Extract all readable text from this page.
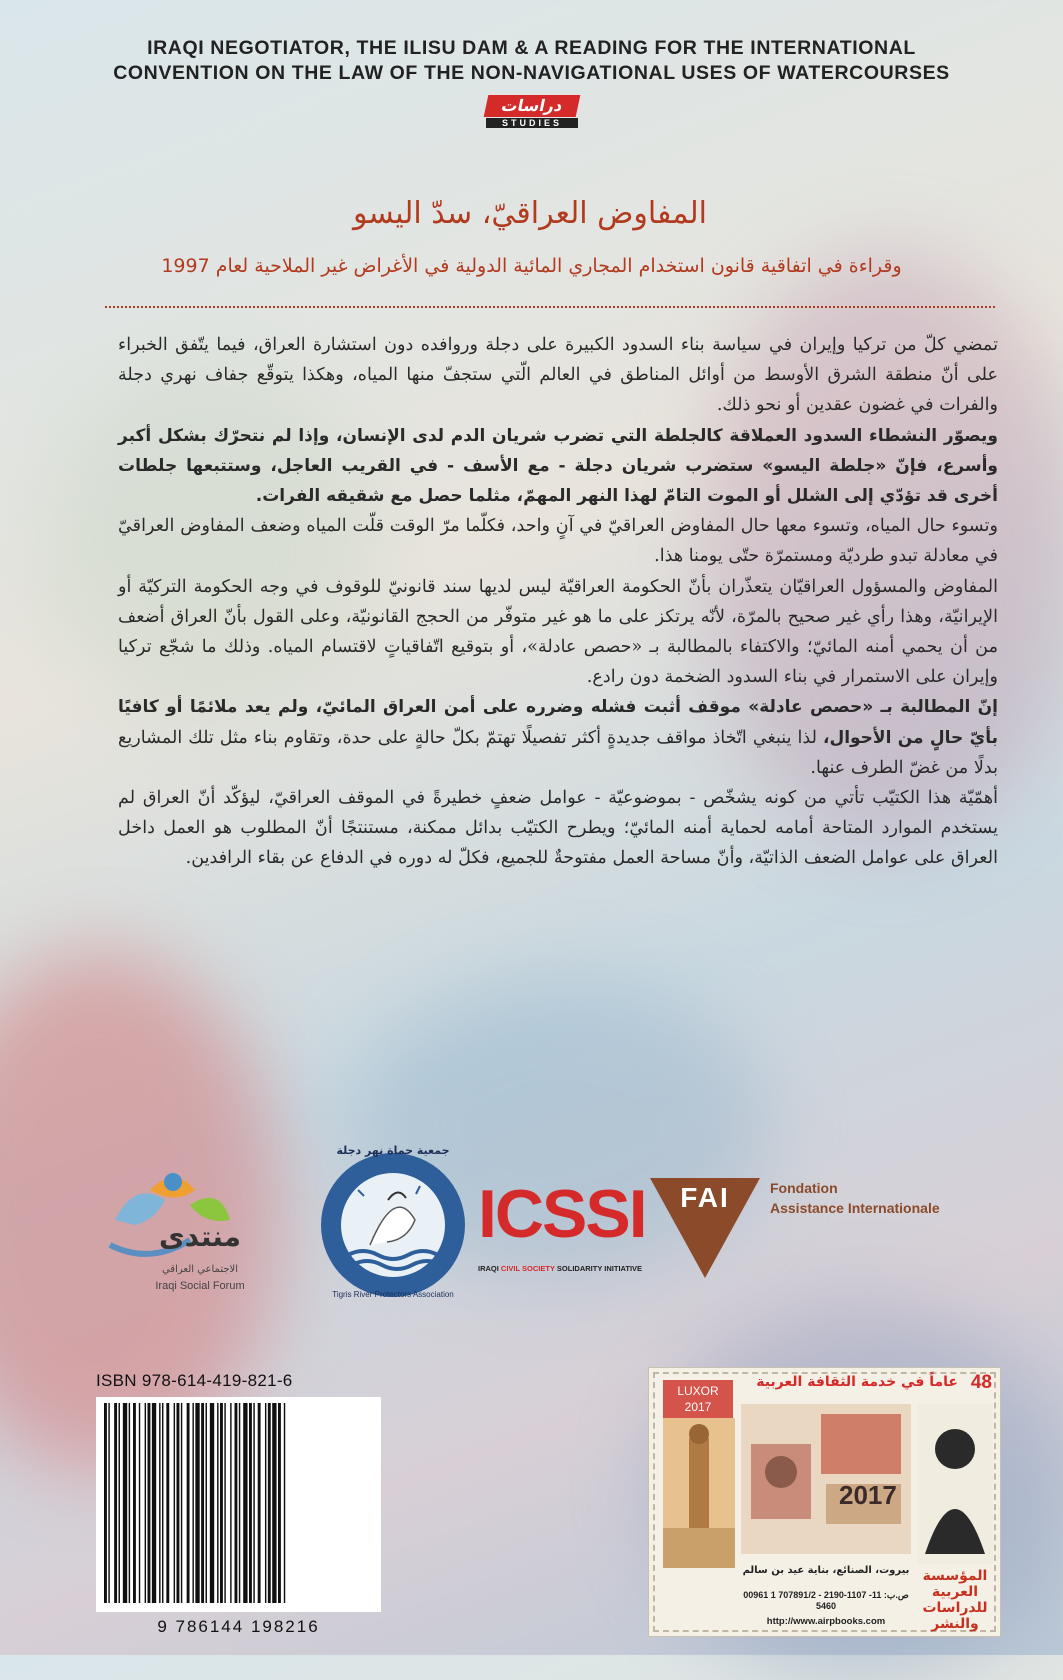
IRAQI NEGOTIATOR, THE ILISU DAM & A READING FOR THE INTERNATIONAL
CONVENTION ON THE LAW OF THE NON-NAVIGATIONAL USES OF WATERCOURSES
دراسات
STUDIES
المفاوض العراقيّ، سدّ اليسو
وقراءة في اتفاقية قانون استخدام المجاري المائية الدولية في الأغراض غير الملاحية لعام 1997

تمضي كلّ من تركيا وإيران في سياسة بناء السدود الكبيرة على دجلة وروافده دون استشارة العراق، فيما يتّفق الخبراء على أنّ منطقة الشرق الأوسط من أوائل المناطق في العالم الّتي ستجفّ منها المياه، وهكذا يتوقّع جفاف نهري دجلة والفرات في غضون عقدين أو نحو ذلك.

ويصوّر النشطاء السدود العملاقة كالجلطة التي تضرب شريان الدم لدى الإنسان، وإذا لم نتحرّك بشكل أكبر وأسرع، فإنّ «جلطة اليسو» ستضرب شريان دجلة - مع الأسف - في القريب العاجل، وستتبعها جلطات أخرى قد تؤدّي إلى الشلل أو الموت التامّ لهذا النهر المهمّ، مثلما حصل مع شقيقه الفرات.

وتسوء حال المياه، وتسوء معها حال المفاوض العراقيّ في آنٍ واحد، فكلّما مرّ الوقت قلّت المياه وضعف المفاوض العراقيّ في معادلة تبدو طرديّة ومستمرّة حتّى يومنا هذا.

المفاوض والمسؤول العراقيّان يتعذّران بأنّ الحكومة العراقيّة ليس لديها سند قانونيّ للوقوف في وجه الحكومة التركيّة أو الإيرانيّة، وهذا رأي غير صحيح بالمرّة، لأنّه يرتكز على ما هو غير متوفّر من الحجج القانونيّة، وعلى القول بأنّ العراق أضعف من أن يحمي أمنه المائيّ؛ والاكتفاء بالمطالبة بـ «حصص عادلة»، أو بتوقيع اتّفاقياتٍ لاقتسام المياه. وذلك ما شجّع تركيا وإيران على الاستمرار في بناء السدود الضخمة دون رادع.

إنّ المطالبة بـ «حصص عادلة» موقف أثبت فشله وضرره على أمن العراق المائيّ، ولم يعد ملائمًا أو كافيًا بأيّ حالٍ من الأحوال، لذا ينبغي اتّخاذ مواقف جديدةٍ أكثر تفصيلًا تهتمّ بكلّ حالةٍ على حدة، وتقاوم بناء مثل تلك المشاريع بدلًا من غضّ الطرف عنها.

أهمّيّة هذا الكتيّب تأتي من كونه يشخّص - بموضوعيّة - عوامل ضعفٍ خطيرةً في الموقف العراقيّ، ليؤكّد أنّ العراق لم يستخدم الموارد المتاحة أمامه لحماية أمنه المائيّ؛ ويطرح الكتيّب بدائل ممكنة، مستنتجًا أنّ المطلوب هو العمل داخل العراق على عوامل الضعف الذاتيّة، وأنّ مساحة العمل مفتوحةٌ للجميع، فكلّ له دوره في الدفاع عن بقاء الرافدين.

منتدى
الاجتماعي العراقي
Iraqi Social Forum
جمعية حماة نهر دجلة
Tigris River Protectors Association
ICSSI
IRAQI CIVIL SOCIETY SOLIDARITY INITIATIVE
FAI	Fondation
Assistance Internationale
ISBN 978-614-419-821-6
9 786144 198216
48
عاماً في خدمة الثقافة العربية
LUXOR
2017
2017
المؤسسة العربية للدراسات والنشر
بيروت، الصنائع، بناية عيد بن سالم
00961 1 707891/2 - 2190-1107 ص.ب: 11-5460
http://www.airpbooks.com
